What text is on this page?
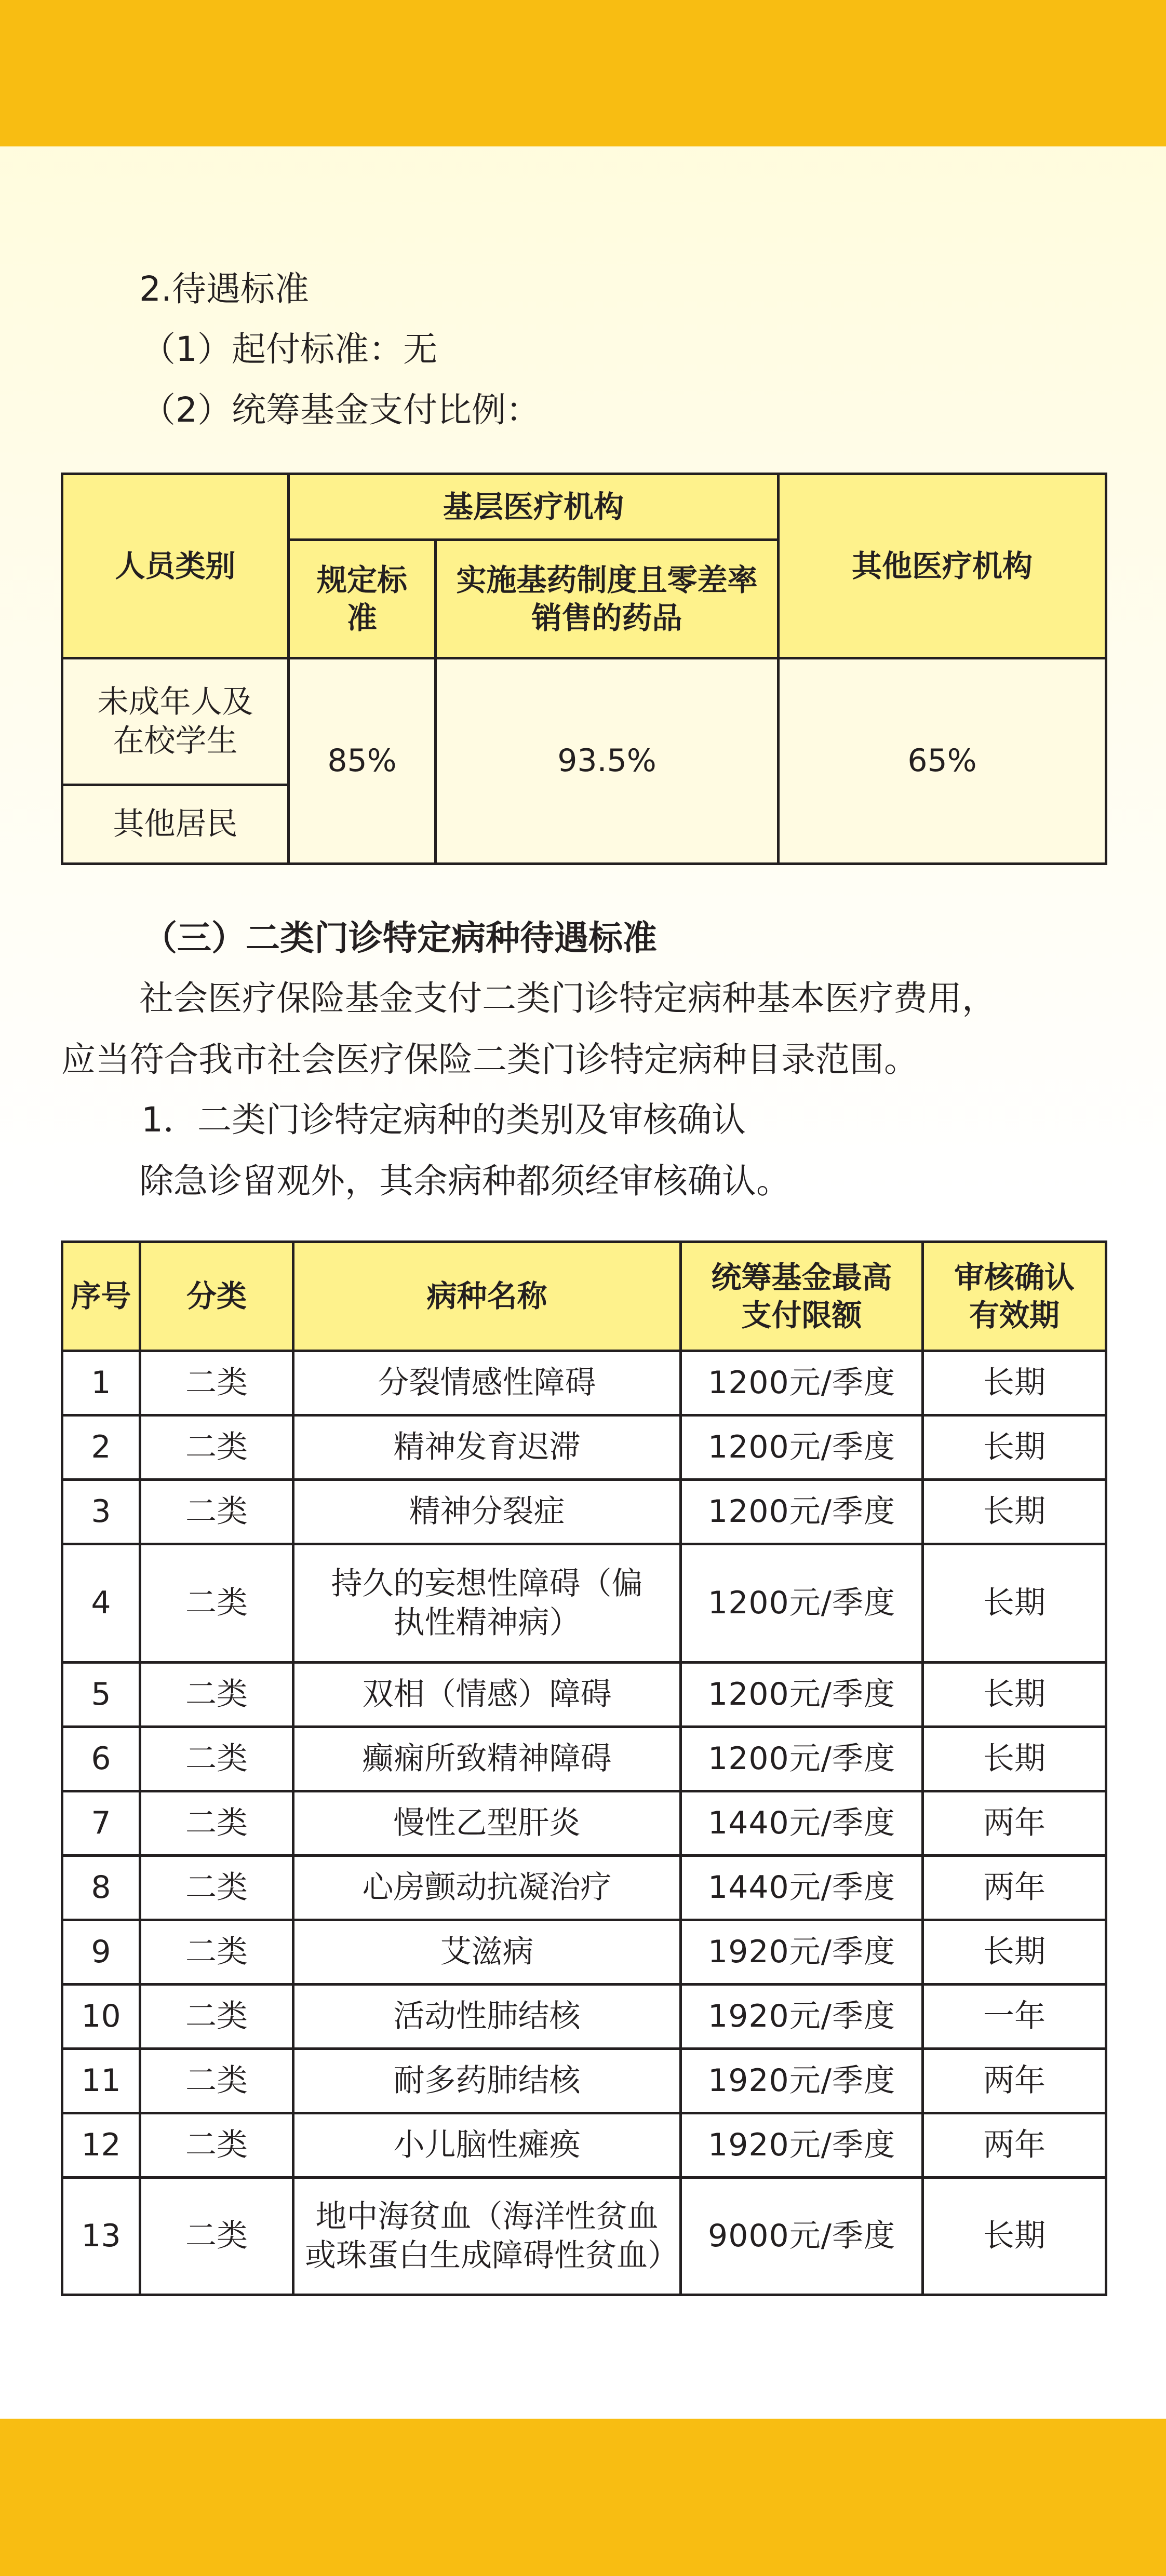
2.待遇标准

（1）起付标准：无

（2）统筹基金支付比例：

人员类别	基层医疗机构		其他医疗机构
	规定标准	实施基药制度且零差率销售的药品	
未成年人及在校学生	85%	93.5%	65%
其他居民			

（三）二类门诊特定病种待遇标准

社会医疗保险基金支付二类门诊特定病种基本医疗费用，

应当符合我市社会医疗保险二类门诊特定病种目录范围。

1．二类门诊特定病种的类别及审核确认

除急诊留观外，其余病种都须经审核确认。

序号	分类	病种名称	统筹基金最高支付限额	审核确认有效期
1	二类	分裂情感性障碍	1200元/季度	长期
2	二类	精神发育迟滞	1200元/季度	长期
3	二类	精神分裂症	1200元/季度	长期
4	二类	持久的妄想性障碍（偏执性精神病）	1200元/季度	长期
5	二类	双相（情感）障碍	1200元/季度	长期
6	二类	癫痫所致精神障碍	1200元/季度	长期
7	二类	慢性乙型肝炎	1440元/季度	两年
8	二类	心房颤动抗凝治疗	1440元/季度	两年
9	二类	艾滋病	1920元/季度	长期
10	二类	活动性肺结核	1920元/季度	一年
11	二类	耐多药肺结核	1920元/季度	两年
12	二类	小儿脑性瘫痪	1920元/季度	两年
13	二类	地中海贫血（海洋性贫血或珠蛋白生成障碍性贫血）	9000元/季度	长期
